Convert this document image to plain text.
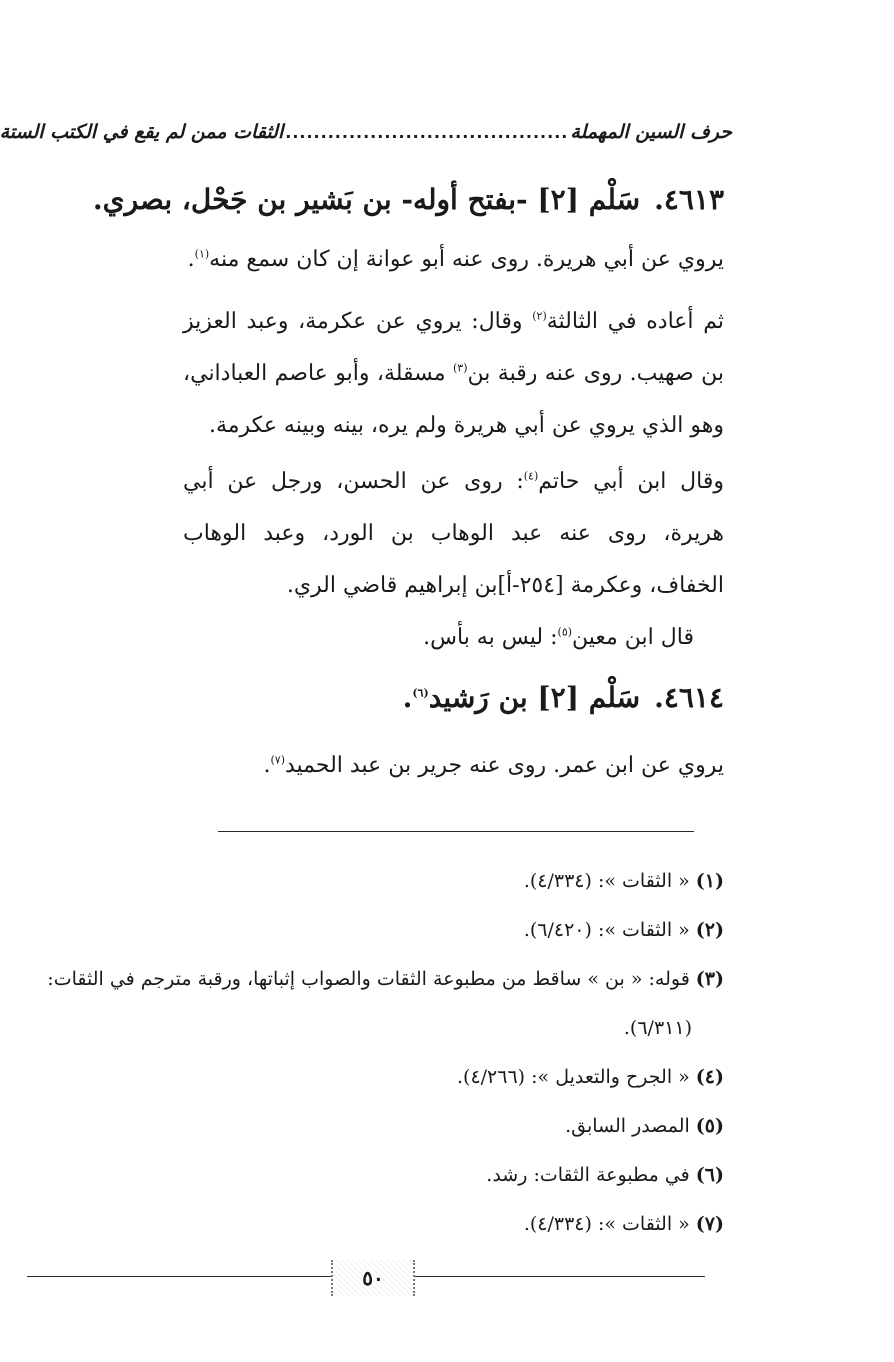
حرف السين المهملة
........................................
الثقات ممن لم يقع في الكتب الستة
٤٦١٣.سَلْم [٢] -بفتح أوله- بن بَشير بن جَحْل، بصري.
يروي عن أبي هريرة. روى عنه أبو عوانة إن كان سمع منه$^{(١)}$.
ثم أعاده في الثالثة$^{(٢)}$ وقال: يروي عن عكرمة، وعبد العزيز بن صهيب. روى عنه رقبة بن$^{(٣)}$ مسقلة، وأبو عاصم العباداني، وهو الذي يروي عن أبي هريرة ولم يره، بينه وبينه عكرمة.
وقال ابن أبي حاتم$^{(٤)}$: روى عن الحسن، ورجل عن أبي هريرة، روى عنه عبد الوهاب بن الورد، وعبد الوهاب الخفاف، وعكرمة [٢٥٤-أ]بن إبراهيم قاضي الري.
قال ابن معين$^{(٥)}$: ليس به بأس.
٤٦١٤.سَلْم [٢] بن رَشيد$^{(٦)}$.
يروي عن ابن عمر. روى عنه جرير بن عبد الحميد$^{(٧)}$.
(١)« الثقات »: (٤/٣٣٤).
(٢)« الثقات »: (٦/٤٢٠).
(٣)قوله: « بن » ساقط من مطبوعة الثقات والصواب إثباتها، ورقبة مترجم في الثقات:
(٦/٣١١).
(٤)« الجرح والتعديل »: (٤/٢٦٦).
(٥)المصدر السابق.
(٦)في مطبوعة الثقات: رشد.
(٧)« الثقات »: (٤/٣٣٤).
٥٠
